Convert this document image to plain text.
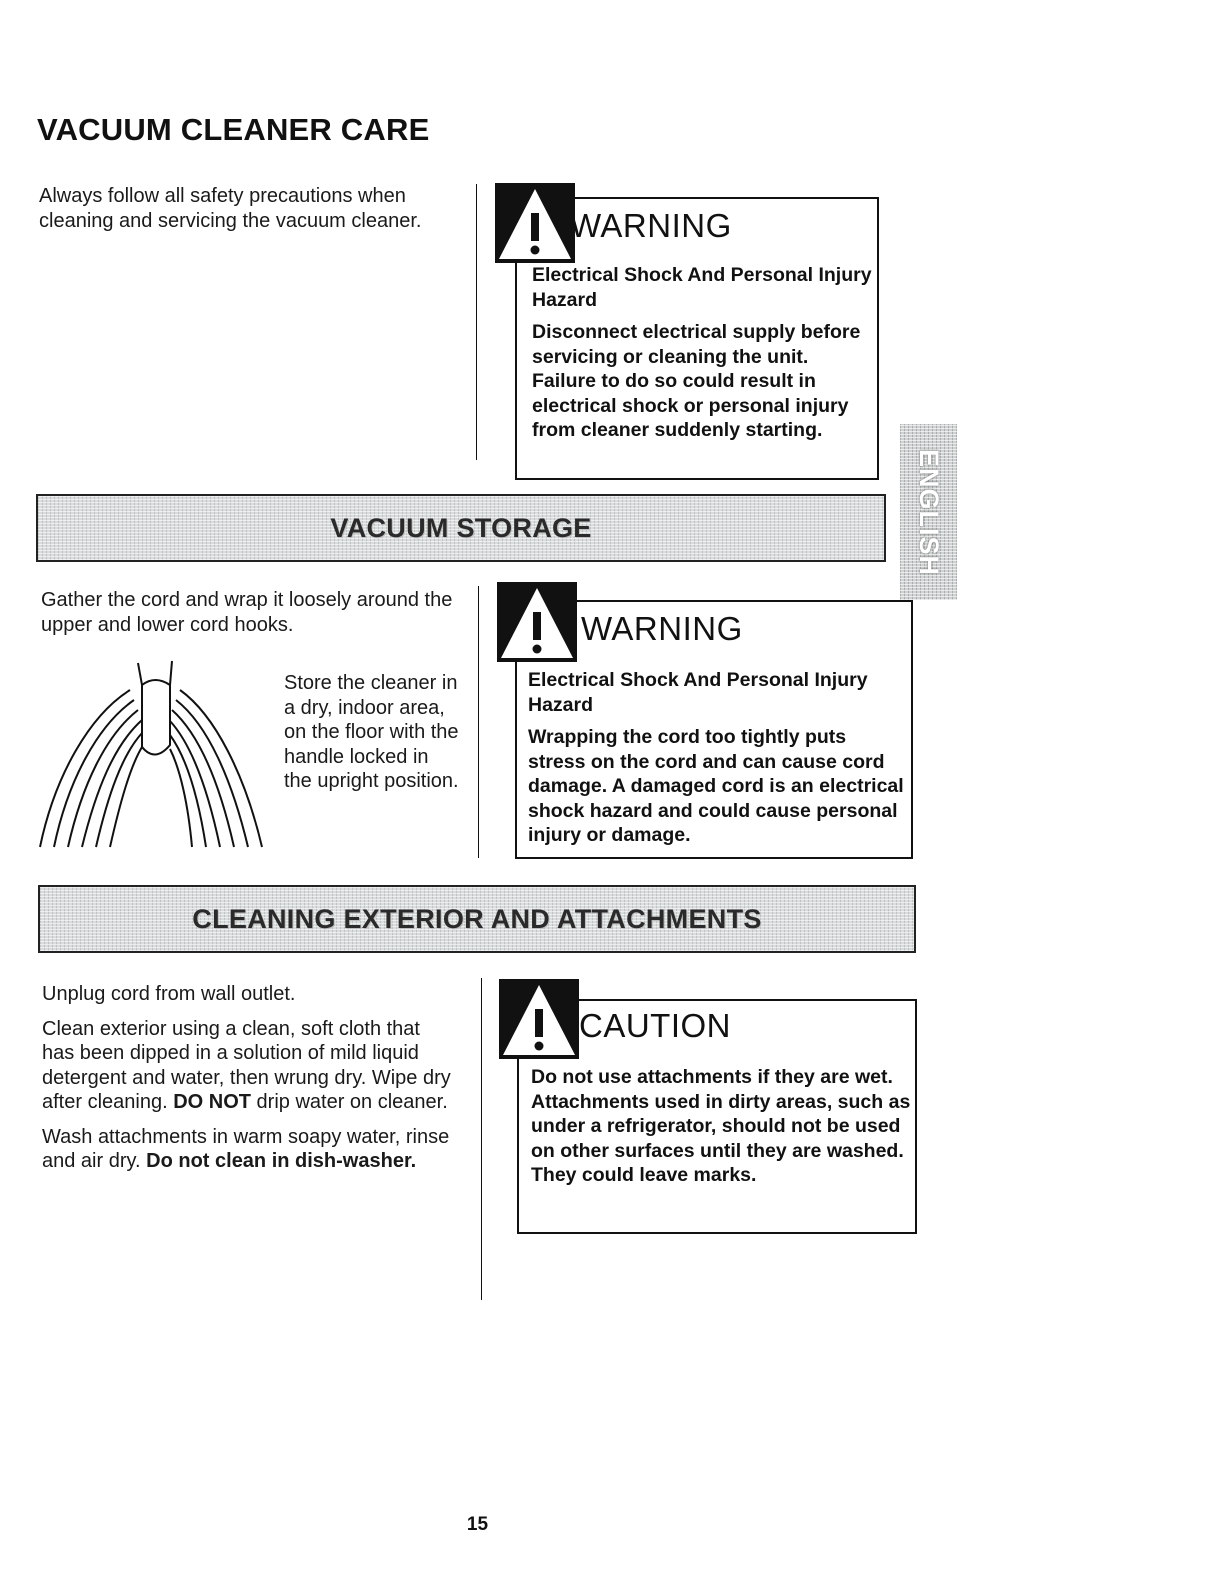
VACUUM CLEANER CARE

Always follow all safety precautions when cleaning and servicing the vacuum cleaner.	WARNING

Electrical Shock And Personal Injury Hazard

Disconnect electrical supply before servicing or cleaning the unit. Failure to do so could result in electrical shock or personal injury from cleaner suddenly starting.

ENGLISH
VACUUM STORAGE

Gather the cord and wrap it loosely around the upper and lower cord hooks.

Store the cleaner in a dry, indoor area, on the floor with the handle locked in the upright position.

WARNING

Electrical Shock And Personal Injury Hazard

Wrapping the cord too tightly puts stress on the cord and can cause cord damage. A damaged cord is an electrical shock hazard and could cause personal injury or damage.

CLEANING EXTERIOR AND ATTACHMENTS

Unplug cord from wall outlet.

Clean exterior using a clean, soft cloth that has been dipped in a solution of mild liquid detergent and water, then wrung dry. Wipe dry after cleaning. DO NOT drip water on cleaner.

Wash attachments in warm soapy water, rinse and air dry. Do not clean in dish-washer.

CAUTION

Do not use attachments if they are wet. Attachments used in dirty areas, such as under a refrigerator, should not be used on other surfaces until they are washed. They could leave marks.

15
